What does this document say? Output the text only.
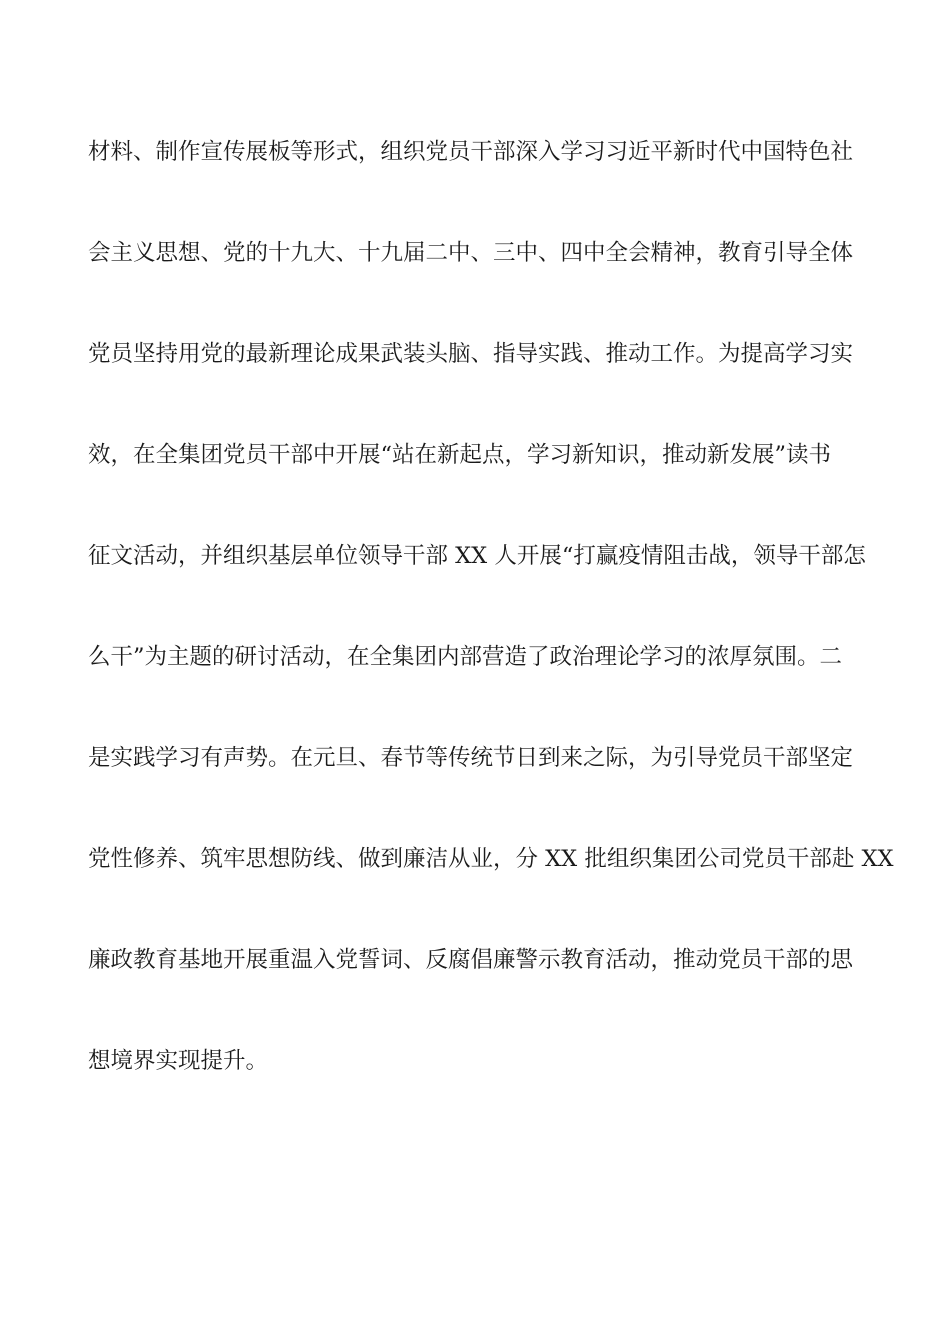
材料、制作宣传展板等形式，组织党员干部深入学习习近平新时代中国特色社
会主义思想、党的十九大、十九届二中、三中、四中全会精神，教育引导全体
党员坚持用党的最新理论成果武装头脑、指导实践、推动工作。为提高学习实
效，在全集团党员干部中开展“站在新起点，学习新知识，推动新发展”读书
征文活动，并组织基层单位领导干部 XX 人开展“打赢疫情阻击战，领导干部怎
么干”为主题的研讨活动，在全集团内部营造了政治理论学习的浓厚氛围。二
是实践学习有声势。在元旦、春节等传统节日到来之际，为引导党员干部坚定
党性修养、筑牢思想防线、做到廉洁从业，分 XX 批组织集团公司党员干部赴 XX
廉政教育基地开展重温入党誓词、反腐倡廉警示教育活动，推动党员干部的思
想境界实现提升。
